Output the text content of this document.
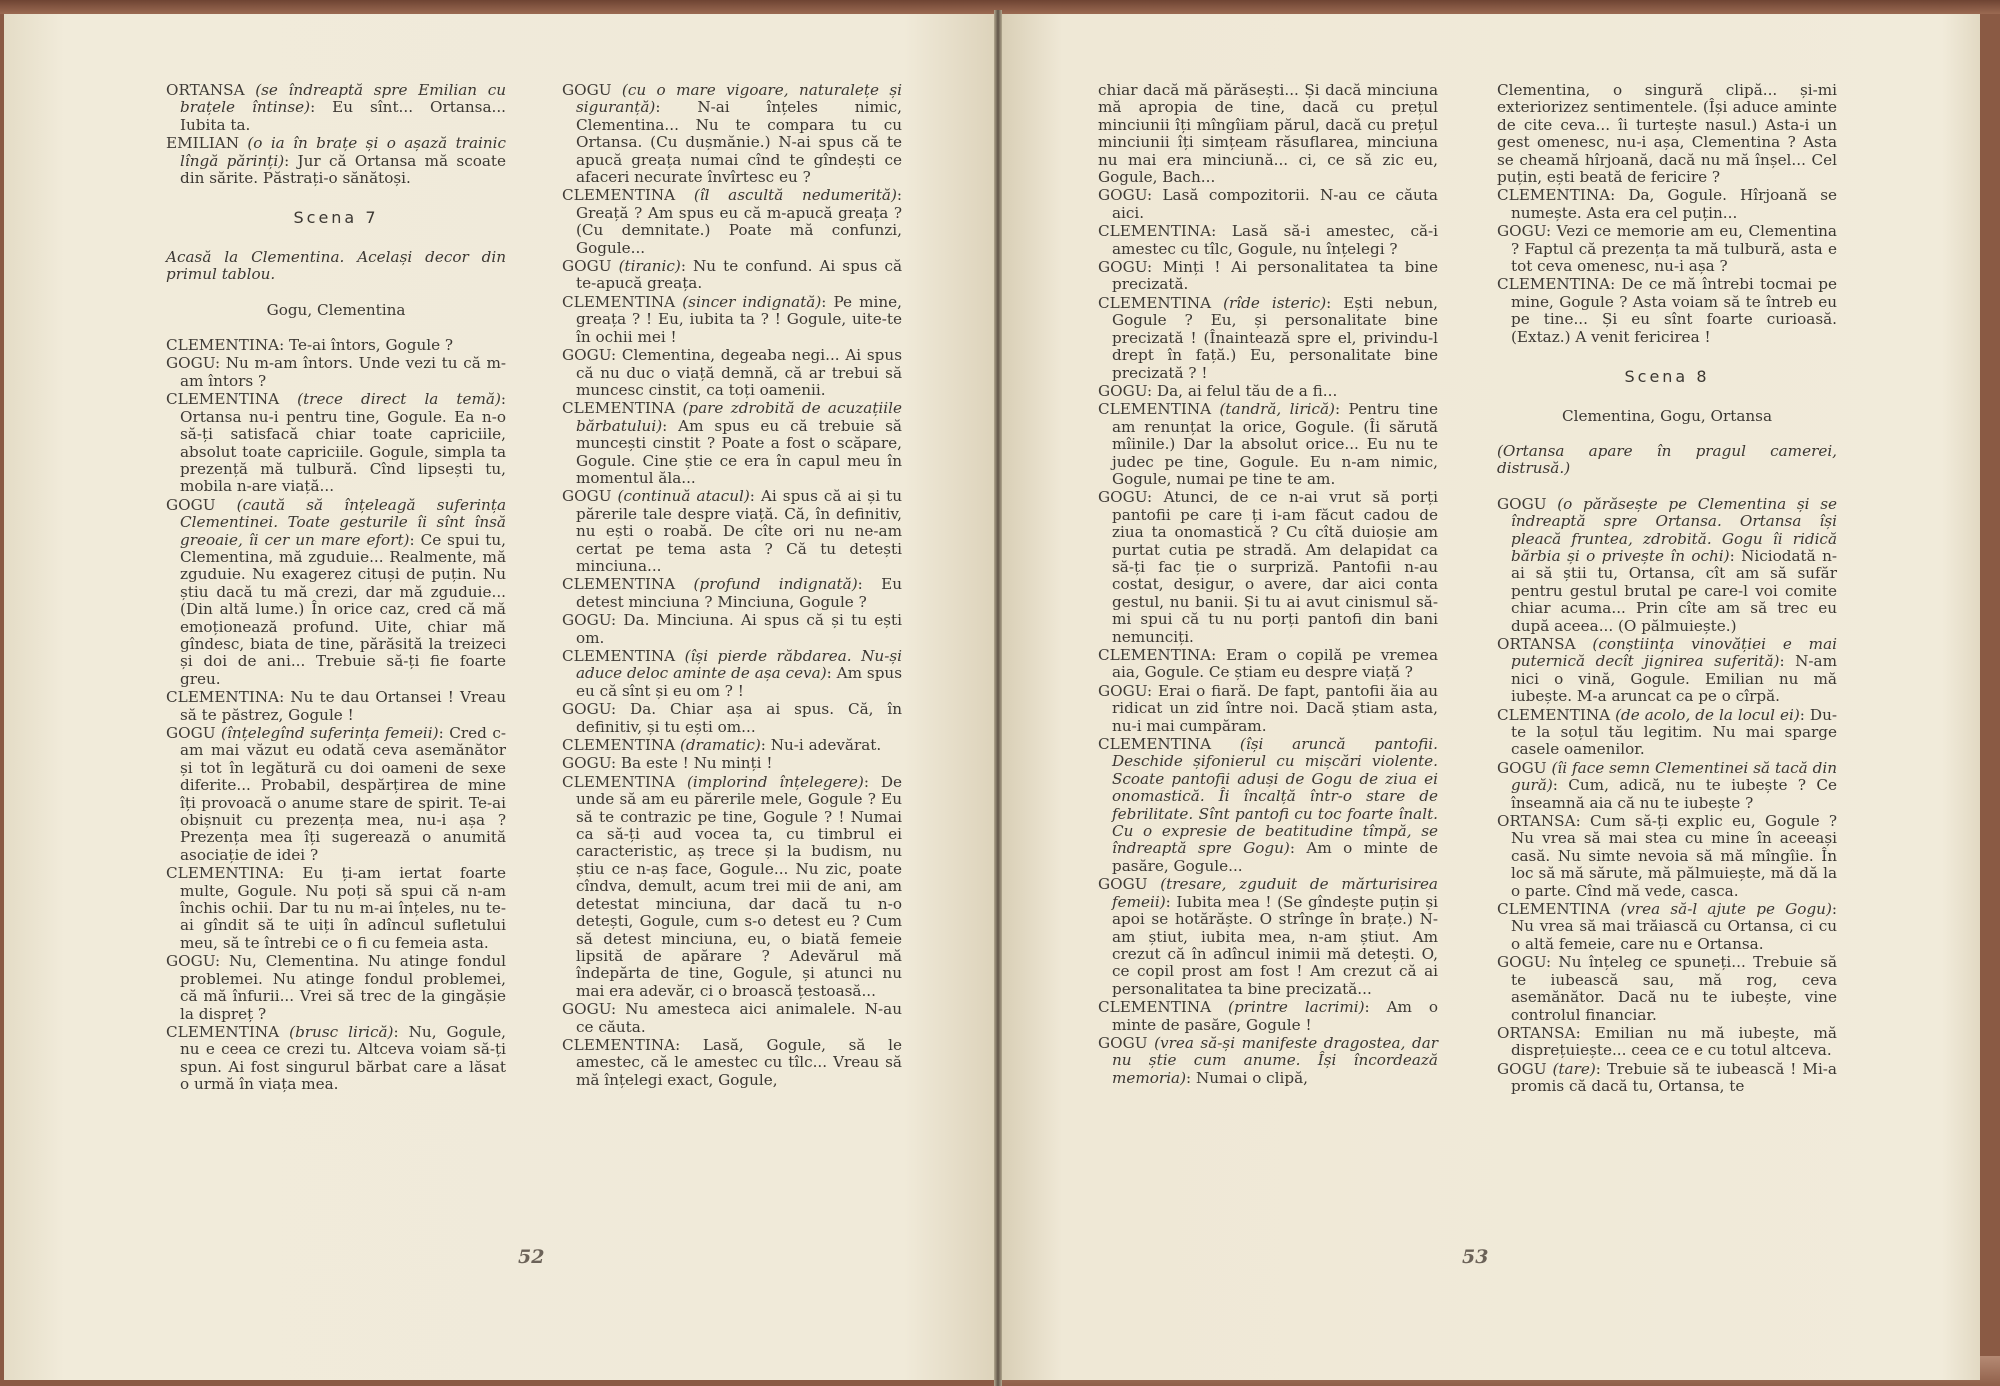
ORTANSA (se îndreaptă spre Emilian cu brațele întinse): Eu sînt... Ortansa... Iubita ta.

EMILIAN (o ia în brațe și o așază trainic lîngă părinți): Jur că Ortansa mă scoate din sărite. Păstrați-o sănătoși.

Scena 7

Acasă la Clementina. Același decor din primul tablou.

Gogu, Clementina

CLEMENTINA: Te-ai întors, Gogule ?

GOGU: Nu m-am întors. Unde vezi tu că m-am întors ?

CLEMENTINA (trece direct la temă): Ortansa nu-i pentru tine, Gogule. Ea n-o să-ți satisfacă chiar toate capriciile, absolut toate capriciile. Gogule, simpla ta prezență mă tulbură. Cînd lipsești tu, mobila n-are viață...

GOGU (caută să înțeleagă suferința Clementinei. Toate gesturile îi sînt însă greoaie, îi cer un mare efort): Ce spui tu, Clementina, mă zguduie... Realmente, mă zguduie. Nu exagerez cituși de puțin. Nu știu dacă tu mă crezi, dar mă zguduie... (Din altă lume.) În orice caz, cred că mă emoționează profund. Uite, chiar mă gîndesc, biata de tine, părăsită la treizeci și doi de ani... Trebuie să-ți fie foarte greu.

CLEMENTINA: Nu te dau Ortansei ! Vreau să te păstrez, Gogule !

GOGU (înțelegînd suferința femeii): Cred c-am mai văzut eu odată ceva asemănător și tot în legătură cu doi oameni de sexe diferite... Probabil, despărțirea de mine îți provoacă o anume stare de spirit. Te-ai obișnuit cu prezența mea, nu-i așa ? Prezența mea îți sugerează o anumită asociație de idei ?

CLEMENTINA: Eu ți-am iertat foarte multe, Gogule. Nu poți să spui că n-am închis ochii. Dar tu nu m-ai înțeles, nu te-ai gîndit să te uiți în adîncul sufletului meu, să te întrebi ce o fi cu femeia asta.

GOGU: Nu, Clementina. Nu atinge fondul problemei. Nu atinge fondul problemei, că mă înfurii... Vrei să trec de la gingășie la dispreț ?

CLEMENTINA (brusc lirică): Nu, Gogule, nu e ceea ce crezi tu. Altceva voiam să-ți spun. Ai fost singurul bărbat care a lăsat o urmă în viața mea.

GOGU (cu o mare vigoare, naturalețe și siguranță): N-ai înțeles nimic, Clementina... Nu te compara tu cu Ortansa. (Cu dușmănie.) N-ai spus că te apucă greața numai cînd te gîndești ce afaceri necurate învîrtesc eu ?

CLEMENTINA (îl ascultă nedumerită): Greață ? Am spus eu că m-apucă greața ? (Cu demnitate.) Poate mă confunzi, Gogule...

GOGU (tiranic): Nu te confund. Ai spus că te-apucă greața.

CLEMENTINA (sincer indignată): Pe mine, greața ? ! Eu, iubita ta ? ! Gogule, uite-te în ochii mei !

GOGU: Clementina, degeaba negi... Ai spus că nu duc o viață demnă, că ar trebui să muncesc cinstit, ca toți oamenii.

CLEMENTINA (pare zdrobită de acuzațiile bărbatului): Am spus eu că trebuie să muncești cinstit ? Poate a fost o scăpare, Gogule. Cine știe ce era în capul meu în momentul ăla...

GOGU (continuă atacul): Ai spus că ai și tu părerile tale despre viață. Că, în definitiv, nu ești o roabă. De cîte ori nu ne-am certat pe tema asta ? Că tu detești minciuna...

CLEMENTINA (profund indignată): Eu detest minciuna ? Minciuna, Gogule ?

GOGU: Da. Minciuna. Ai spus că și tu ești om.

CLEMENTINA (își pierde răbdarea. Nu-și aduce deloc aminte de așa ceva): Am spus eu că sînt și eu om ? !

GOGU: Da. Chiar așa ai spus. Că, în definitiv, și tu ești om...

CLEMENTINA (dramatic): Nu-i adevărat.

GOGU: Ba este ! Nu minți !

CLEMENTINA (implorind înțelegere): De unde să am eu părerile mele, Gogule ? Eu să te contrazic pe tine, Gogule ? ! Numai ca să-ți aud vocea ta, cu timbrul ei caracteristic, aș trece și la budism, nu știu ce n-aș face, Gogule... Nu zic, poate cîndva, demult, acum trei mii de ani, am detestat minciuna, dar dacă tu n-o detești, Gogule, cum s-o detest eu ? Cum să detest minciuna, eu, o biată femeie lipsită de apărare ? Adevărul mă îndepărta de tine, Gogule, și atunci nu mai era adevăr, ci o broască țestoasă...

GOGU: Nu amesteca aici animalele. N-au ce căuta.

CLEMENTINA: Lasă, Gogule, să le amestec, că le amestec cu tîlc... Vreau să mă înțelegi exact, Gogule,

52

chiar dacă mă părăsești... Și dacă minciuna mă apropia de tine, dacă cu prețul minciunii îți mîngîiam părul, dacă cu prețul minciunii îți simțeam răsuflarea, minciuna nu mai era minciună... ci, ce să zic eu, Gogule, Bach...

GOGU: Lasă compozitorii. N-au ce căuta aici.

CLEMENTINA: Lasă să-i amestec, că-i amestec cu tîlc, Gogule, nu înțelegi ?

GOGU: Minți ! Ai personalitatea ta bine precizată.

CLEMENTINA (rîde isteric): Ești nebun, Gogule ? Eu, și personalitate bine precizată ! (Înaintează spre el, privindu-l drept în față.) Eu, personalitate bine precizată ? !

GOGU: Da, ai felul tău de a fi...

CLEMENTINA (tandră, lirică): Pentru tine am renunțat la orice, Gogule. (Îi sărută mîinile.) Dar la absolut orice... Eu nu te judec pe tine, Gogule. Eu n-am nimic, Gogule, numai pe tine te am.

GOGU: Atunci, de ce n-ai vrut să porți pantofii pe care ți i-am făcut cadou de ziua ta onomastică ? Cu cîtă duioșie am purtat cutia pe stradă. Am delapidat ca să-ți fac ție o surpriză. Pantofii n-au costat, desigur, o avere, dar aici conta gestul, nu banii. Și tu ai avut cinismul să-mi spui că tu nu porți pantofi din bani nemunciți.

CLEMENTINA: Eram o copilă pe vremea aia, Gogule. Ce știam eu despre viață ?

GOGU: Erai o fiară. De fapt, pantofii ăia au ridicat un zid între noi. Dacă știam asta, nu-i mai cumpăram.

CLEMENTINA (își aruncă pantofii. Deschide șifonierul cu mișcări violente. Scoate pantofii aduși de Gogu de ziua ei onomastică. Îi încalță într-o stare de febrilitate. Sînt pantofi cu toc foarte înalt. Cu o expresie de beatitudine tîmpă, se îndreaptă spre Gogu): Am o minte de pasăre, Gogule...

GOGU (tresare, zguduit de mărturisirea femeii): Iubita mea ! (Se gîndește puțin și apoi se hotărăște. O strînge în brațe.) N-am știut, iubita mea, n-am știut. Am crezut că în adîncul inimii mă detești. O, ce copil prost am fost ! Am crezut că ai personalitatea ta bine precizată...

CLEMENTINA (printre lacrimi): Am o minte de pasăre, Gogule !

GOGU (vrea să-și manifeste dragostea, dar nu știe cum anume. Își încordează memoria): Numai o clipă,

Clementina, o singură clipă... și-mi exteriorizez sentimentele. (Își aduce aminte de cite ceva... îi turtește nasul.) Asta-i un gest omenesc, nu-i așa, Clementina ? Asta se cheamă hîrjoană, dacă nu mă înșel... Cel puțin, ești beată de fericire ?

CLEMENTINA: Da, Gogule. Hîrjoană se numește. Asta era cel puțin...

GOGU: Vezi ce memorie am eu, Clementina ? Faptul că prezența ta mă tulbură, asta e tot ceva omenesc, nu-i așa ?

CLEMENTINA: De ce mă întrebi tocmai pe mine, Gogule ? Asta voiam să te întreb eu pe tine... Și eu sînt foarte curioasă. (Extaz.) A venit fericirea !

Scena 8

Clementina, Gogu, Ortansa

(Ortansa apare în pragul camerei, distrusă.)

GOGU (o părăsește pe Clementina și se îndreaptă spre Ortansa. Ortansa își pleacă fruntea, zdrobită. Gogu îi ridică bărbia și o privește în ochi): Niciodată n-ai să știi tu, Ortansa, cît am să sufăr pentru gestul brutal pe care-l voi comite chiar acuma... Prin cîte am să trec eu după aceea... (O pălmuiește.)

ORTANSA (conștiința vinovăției e mai puternică decît jignirea suferită): N-am nici o vină, Gogule. Emilian nu mă iubește. M-a aruncat ca pe o cîrpă.

CLEMENTINA (de acolo, de la locul ei): Du-te la soțul tău legitim. Nu mai sparge casele oamenilor.

GOGU (îi face semn Clementinei să tacă din gură): Cum, adică, nu te iubește ? Ce înseamnă aia că nu te iubește ?

ORTANSA: Cum să-ți explic eu, Gogule ? Nu vrea să mai stea cu mine în aceeași casă. Nu simte nevoia să mă mîngîie. În loc să mă sărute, mă pălmuiește, mă dă la o parte. Cînd mă vede, casca.

CLEMENTINA (vrea să-l ajute pe Gogu): Nu vrea să mai trăiască cu Ortansa, ci cu o altă femeie, care nu e Ortansa.

GOGU: Nu înțeleg ce spuneți... Trebuie să te iubească sau, mă rog, ceva asemănător. Dacă nu te iubește, vine controlul financiar.

ORTANSA: Emilian nu mă iubește, mă disprețuiește... ceea ce e cu totul altceva.

GOGU (tare): Trebuie să te iubească ! Mi-a promis că dacă tu, Ortansa, te

53
